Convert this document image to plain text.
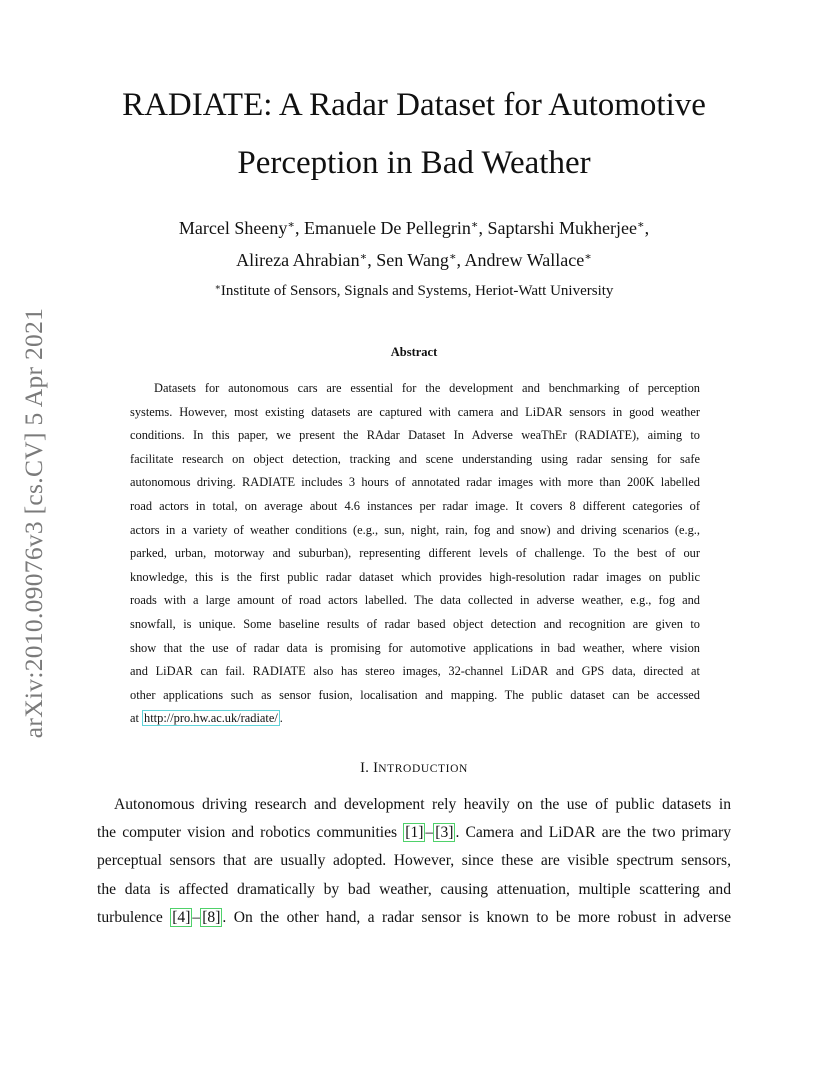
arXiv:2010.09076v3 [cs.CV] 5 Apr 2021
RADIATE: A Radar Dataset for Automotive
Perception in Bad Weather
Marcel Sheeny∗, Emanuele De Pellegrin∗, Saptarshi Mukherjee∗,
Alireza Ahrabian∗, Sen Wang∗, Andrew Wallace∗
∗Institute of Sensors, Signals and Systems, Heriot-Watt University
Abstract
Datasets for autonomous cars are essential for the development and benchmarking of perception
systems. However, most existing datasets are captured with camera and LiDAR sensors in good weather
conditions. In this paper, we present the RAdar Dataset In Adverse weaThEr (RADIATE), aiming to
facilitate research on object detection, tracking and scene understanding using radar sensing for safe
autonomous driving. RADIATE includes 3 hours of annotated radar images with more than 200K labelled
road actors in total, on average about 4.6 instances per radar image. It covers 8 different categories of
actors in a variety of weather conditions (e.g., sun, night, rain, fog and snow) and driving scenarios (e.g.,
parked, urban, motorway and suburban), representing different levels of challenge. To the best of our
knowledge, this is the first public radar dataset which provides high-resolution radar images on public
roads with a large amount of road actors labelled. The data collected in adverse weather, e.g., fog and
snowfall, is unique. Some baseline results of radar based object detection and recognition are given to
show that the use of radar data is promising for automotive applications in bad weather, where vision
and LiDAR can fail. RADIATE also has stereo images, 32-channel LiDAR and GPS data, directed at
other applications such as sensor fusion, localisation and mapping. The public dataset can be accessed
at http://pro.hw.ac.uk/radiate/ .
I. INTRODUCTION
Autonomous driving research and development rely heavily on the use of public datasets in
the computer vision and robotics communities [1] – [3] . Camera and LiDAR are the two primary
perceptual sensors that are usually adopted. However, since these are visible spectrum sensors,
the data is affected dramatically by bad weather, causing attenuation, multiple scattering and
turbulence [4] – [8] . On the other hand, a radar sensor is known to be more robust in adverse
